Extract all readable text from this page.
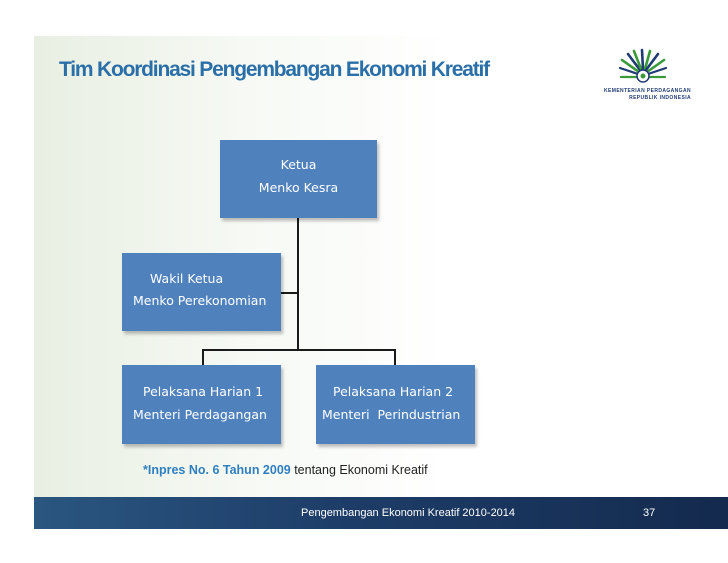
Tim Koordinasi Pengembangan Ekonomi Kreatif
KEMENTERIAN PERDAGANGAN
REPUBLIK INDONESIA
Ketua
Menko Kesra
Wakil Ketua
Menko Perekonomian
Pelaksana Harian 1
Menteri Perdagangan
Pelaksana Harian 2
Menteri  Perindustrian
*Inpres No. 6 Tahun 2009 tentang Ekonomi Kreatif
Pengembangan Ekonomi Kreatif 2010-2014	37
